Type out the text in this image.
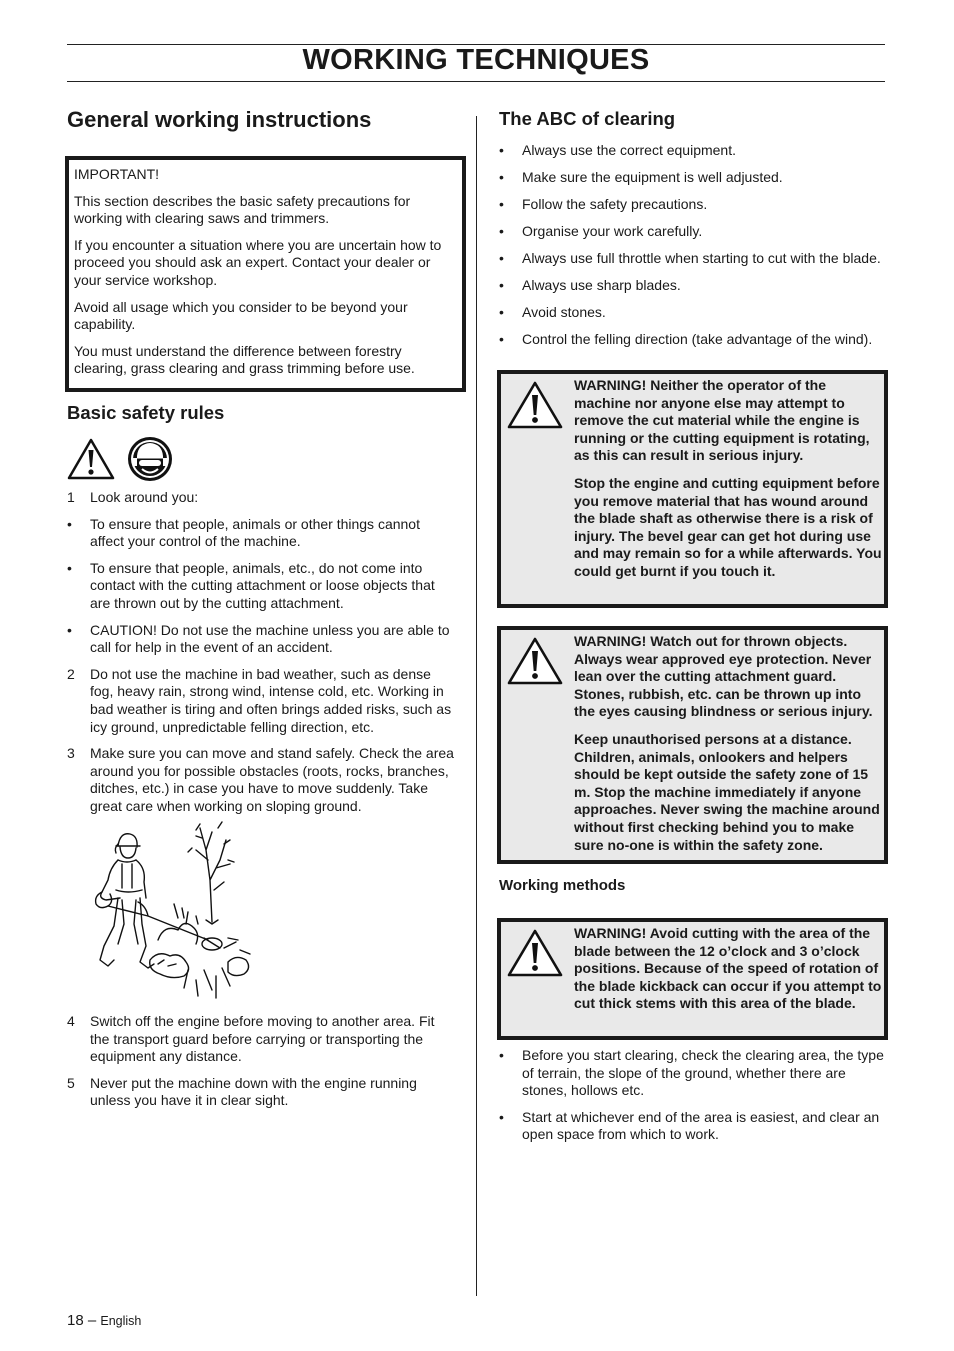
WORKING TECHNIQUES
General working instructions

IMPORTANT!

This section describes the basic safety precautions for working with clearing saws and trimmers.

If you encounter a situation where you are uncertain how to proceed you should ask an expert. Contact your dealer or your service workshop.

Avoid all usage which you consider to be beyond your capability.

You must understand the difference between forestry clearing, grass clearing and grass trimming before use.

Basic safety rules
1	Look around you:
•	To ensure that people, animals or other things cannot affect your control of the machine.
•	To ensure that people, animals, etc., do not come into contact with the cutting attachment or loose objects that are thrown out by the cutting attachment.
•	CAUTION! Do not use the machine unless you are able to call for help in the event of an accident.
2	Do not use the machine in bad weather, such as dense fog, heavy rain, strong wind, intense cold, etc. Working in bad weather is tiring and often brings added risks, such as icy ground, unpredictable felling direction, etc.
3	Make sure you can move and stand safely. Check the area around you for possible obstacles (roots, rocks, branches, ditches, etc.) in case you have to move suddenly. Take great care when working on sloping ground.
4	Switch off the engine before moving to another area. Fit the transport guard before carrying or transporting the equipment any distance.
5	Never put the machine down with the engine running unless you have it in clear sight.
The ABC of clearing
•	Always use the correct equipment.
•	Make sure the equipment is well adjusted.
•	Follow the safety precautions.
•	Organise your work carefully.
•	Always use full throttle when starting to cut with the blade.
•	Always use sharp blades.
•	Avoid stones.
•	Control the felling direction (take advantage of the wind).

WARNING! Neither the operator of the machine nor anyone else may attempt to remove the cut material while the engine is running or the cutting equipment is rotating, as this can result in serious injury.

Stop the engine and cutting equipment before you remove material that has wound around the blade shaft as otherwise there is a risk of injury. The bevel gear can get hot during use and may remain so for a while afterwards. You could get burnt if you touch it.

WARNING! Watch out for thrown objects. Always wear approved eye protection. Never lean over the cutting attachment guard. Stones, rubbish, etc. can be thrown up into the eyes causing blindness or serious injury.

Keep unauthorised persons at a distance. Children, animals, onlookers and helpers should be kept outside the safety zone of 15 m. Stop the machine immediately if anyone approaches. Never swing the machine around without first checking behind you to make sure no-one is within the safety zone.

Working methods

WARNING! Avoid cutting with the area of the blade between the 12 o’clock and 3 o’clock positions. Because of the speed of rotation of the blade kickback can occur if you attempt to cut thick stems with this area of the blade.

•	Before you start clearing, check the clearing area, the type of terrain, the slope of the ground, whether there are stones, hollows etc.
•	Start at whichever end of the area is easiest, and clear an open space from which to work.
18 – English
